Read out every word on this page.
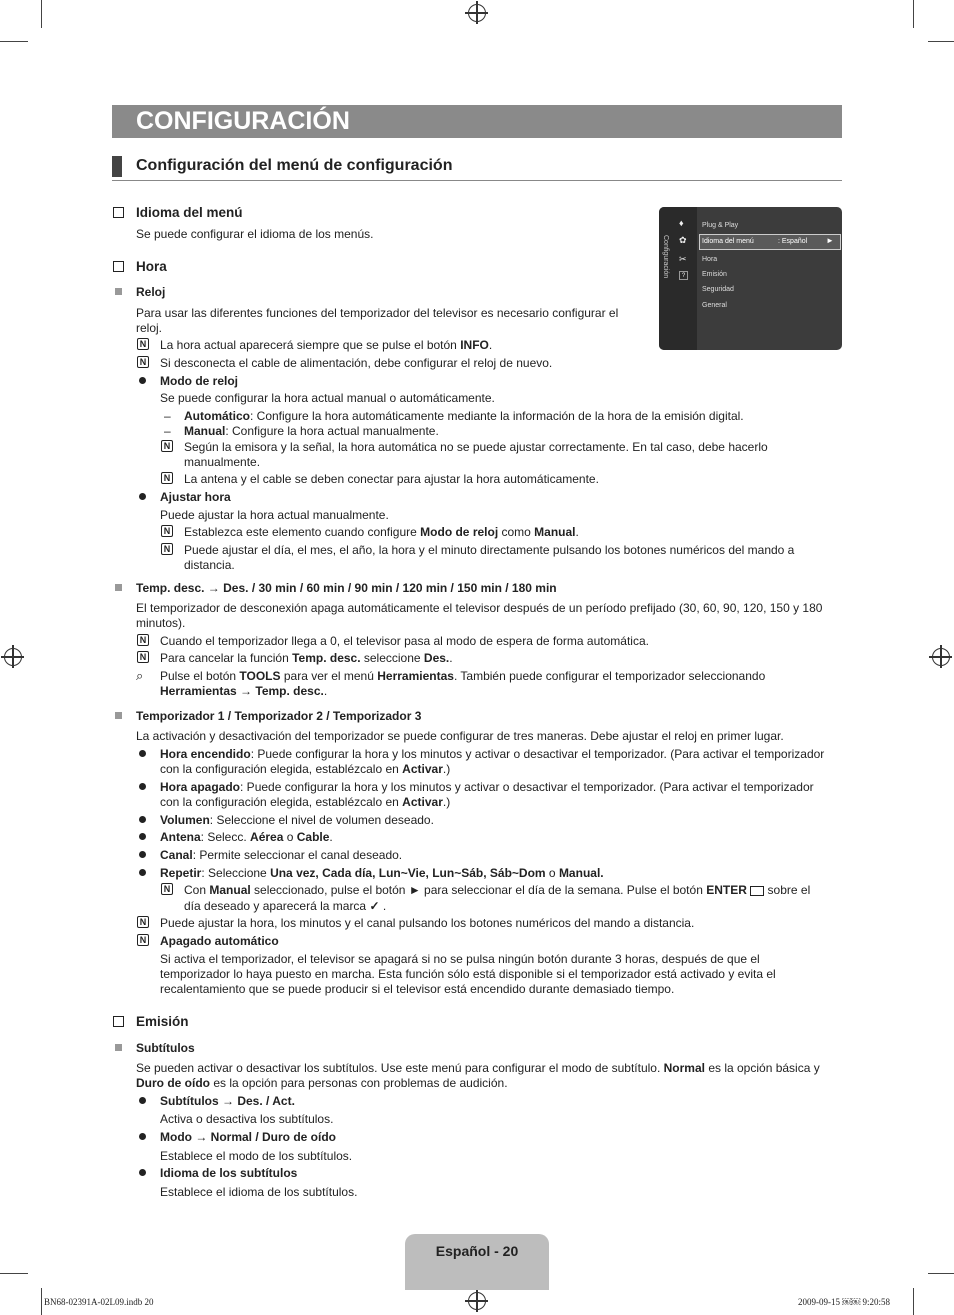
CONFIGURACIÓN
Configuración del menú de configuración
♦
✿
✂
?
Configuración
Plug & Play
Idioma del menú	: Español ►
Hora
Emisión
Seguridad
General
Idioma del menú
Se puede configurar el idioma de los menús.
Hora
Reloj
Para usar las diferentes funciones del temporizador del televisor es necesario configurar el
reloj.
N La hora actual aparecerá siempre que se pulse el botón INFO.
N Si desconecta el cable de alimentación, debe configurar el reloj de nuevo.
Modo de reloj
Se puede configurar la hora actual manual o automáticamente.
– Automático: Configure la hora automáticamente mediante la información de la hora de la emisión digital.
– Manual: Configure la hora actual manualmente.
N Según la emisora y la señal, la hora automática no se puede ajustar correctamente. En tal caso, debe hacerlo
manualmente.
N La antena y el cable se deben conectar para ajustar la hora automáticamente.
Ajustar hora
Puede ajustar la hora actual manualmente.
N Establezca este elemento cuando configure Modo de reloj como Manual.
N Puede ajustar el día, el mes, el año, la hora y el minuto directamente pulsando los botones numéricos del mando a
distancia.
Temp. desc. → Des. / 30 min / 60 min / 90 min / 120 min / 150 min / 180 min
El temporizador de desconexión apaga automáticamente el televisor después de un período prefijado (30, 60, 90, 120, 150 y 180
minutos).
N Cuando el temporizador llega a 0, el televisor pasa al modo de espera de forma automática.
N Para cancelar la función Temp. desc. seleccione Des..
⌕ Pulse el botón TOOLS para ver el menú Herramientas. También puede configurar el temporizador seleccionando
Herramientas → Temp. desc..
Temporizador 1 / Temporizador 2 / Temporizador 3
La activación y desactivación del temporizador se puede configurar de tres maneras. Debe ajustar el reloj en primer lugar.
Hora encendido: Puede configurar la hora y los minutos y activar o desactivar el temporizador. (Para activar el temporizador
con la configuración elegida, establézcalo en Activar.)
Hora apagado: Puede configurar la hora y los minutos y activar o desactivar el temporizador. (Para activar el temporizador
con la configuración elegida, establézcalo en Activar.)
Volumen: Seleccione el nivel de volumen deseado.
Antena: Selecc. Aérea o Cable.
Canal: Permite seleccionar el canal deseado.
Repetir: Seleccione Una vez, Cada día, Lun~Vie, Lun~Sáb, Sáb~Dom o Manual.
N Con Manual seleccionado, pulse el botón ► para seleccionar el día de la semana. Pulse el botón ENTER  sobre el
día deseado y aparecerá la marca ✓ .
N Puede ajustar la hora, los minutos y el canal pulsando los botones numéricos del mando a distancia.
N Apagado automático
Si activa el temporizador, el televisor se apagará si no se pulsa ningún botón durante 3 horas, después de que el
temporizador lo haya puesto en marcha. Esta función sólo está disponible si el temporizador está activado y evita el
recalentamiento que se puede producir si el televisor está encendido durante demasiado tiempo.
Emisión
Subtítulos
Se pueden activar o desactivar los subtítulos. Use este menú para configurar el modo de subtítulo. Normal es la opción básica y
Duro de oído es la opción para personas con problemas de audición.
Subtítulos → Des. / Act.
Activa o desactiva los subtítulos.
Modo → Normal / Duro de oído
Establece el modo de los subtítulos.
Idioma de los subtítulos
Establece el idioma de los subtítulos.
Español - 20
BN68-02391A-02L09.indb 20	2009-09-15 ￼￼ 9:20:58
